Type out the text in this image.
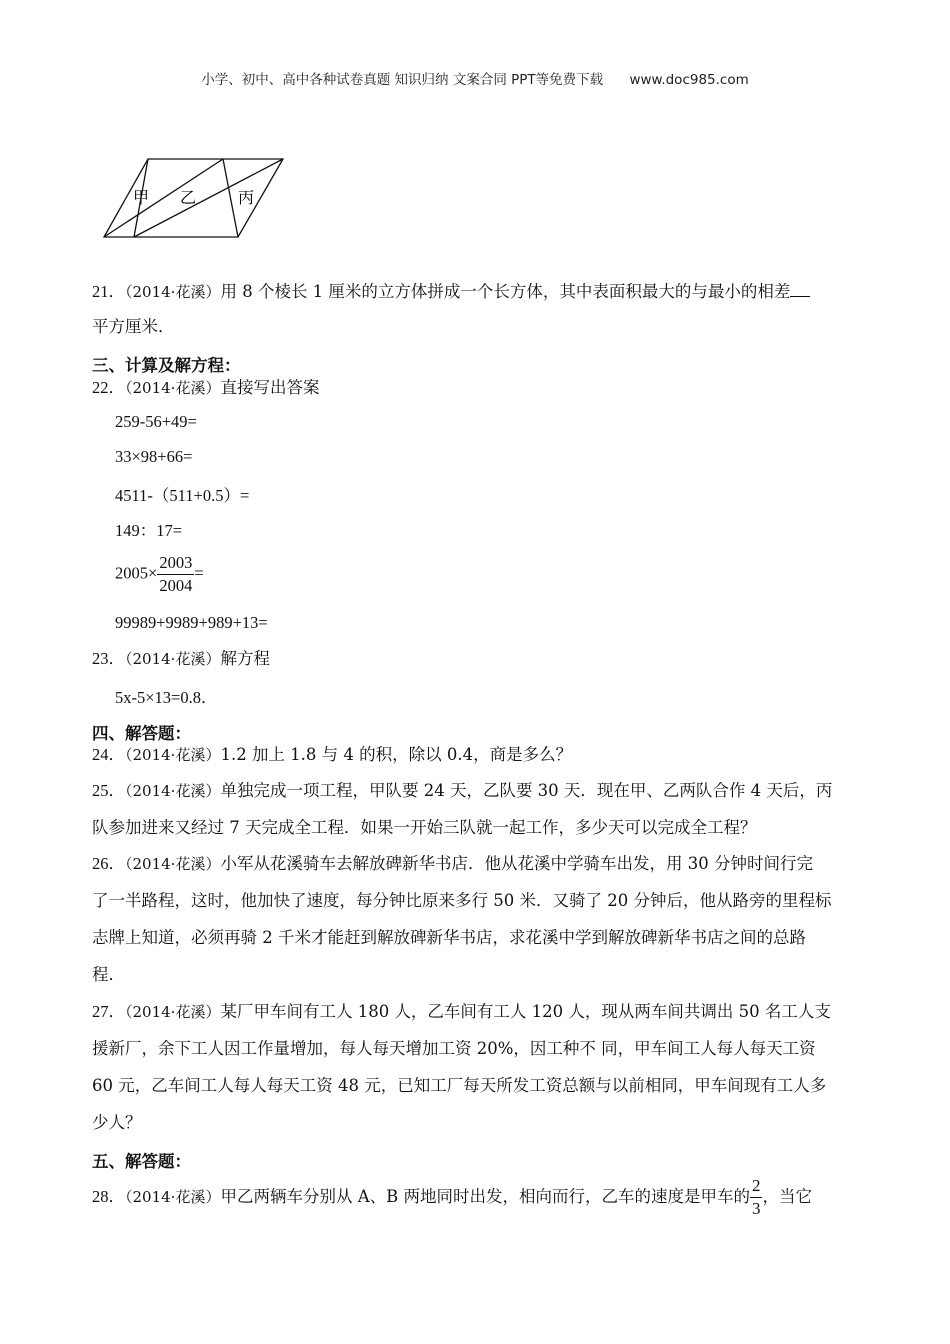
小学、初中、高中各种试卷真题 知识归纳 文案合同 PPT等免费下载 www.doc985.com
甲 乙	丙
21．（2014·花溪）用 8 个棱长 1 厘米的立方体拼成一个长方体，其中表面积最大的与最小的相差
平方厘米．
三、计算及解方程：
22．（2014·花溪）直接写出答案
259-56+49=
33×98+66=
4511-（511+0.5）=
149：17=
$2005\times \frac{2003}{2004}$ =
99989+9989+989+13=
23．（2014·花溪）解方程
5x-5×13=0.8．
四、解答题：
24．（2014·花溪）1.2 加上 1.8 与 4 的积，除以 0.4，商是多么？
25．（2014·花溪）单独完成一项工程，甲队要 24 天，乙队要 30 天．现在甲、乙两队合作 4 天后，丙
队参加进来又经过 7 天完成全工程．如果一开始三队就一起工作，多少天可以完成全工程？
26．（2014·花溪）小军从花溪骑车去解放碑新华书店．他从花溪中学骑车出发，用 30 分钟时间行完
了一半路程，这时，他加快了速度，每分钟比原来多行 50 米．又骑了 20 分钟后，他从路旁的里程标
志牌上知道，必须再骑 2 千米才能赶到解放碑新华书店，求花溪中学到解放碑新华书店之间的总路
程．
27．（2014·花溪）某厂甲车间有工人 180 人，乙车间有工人 120 人，现从两车间共调出 50 名工人支
援新厂，余下工人因工作量增加，每人每天增加工资 20%，因工种不 同，甲车间工人每人每天工资
60 元，乙车间工人每人每天工资 48 元，已知工厂每天所发工资总额与以前相同，甲车间现有工人多
少人？
五、解答题：
28．（2014·花溪）甲乙两辆车分别从 A、B 两地同时出发，相向而行，乙车的速度是甲车的 $\frac{2}{3}$ ，当它
